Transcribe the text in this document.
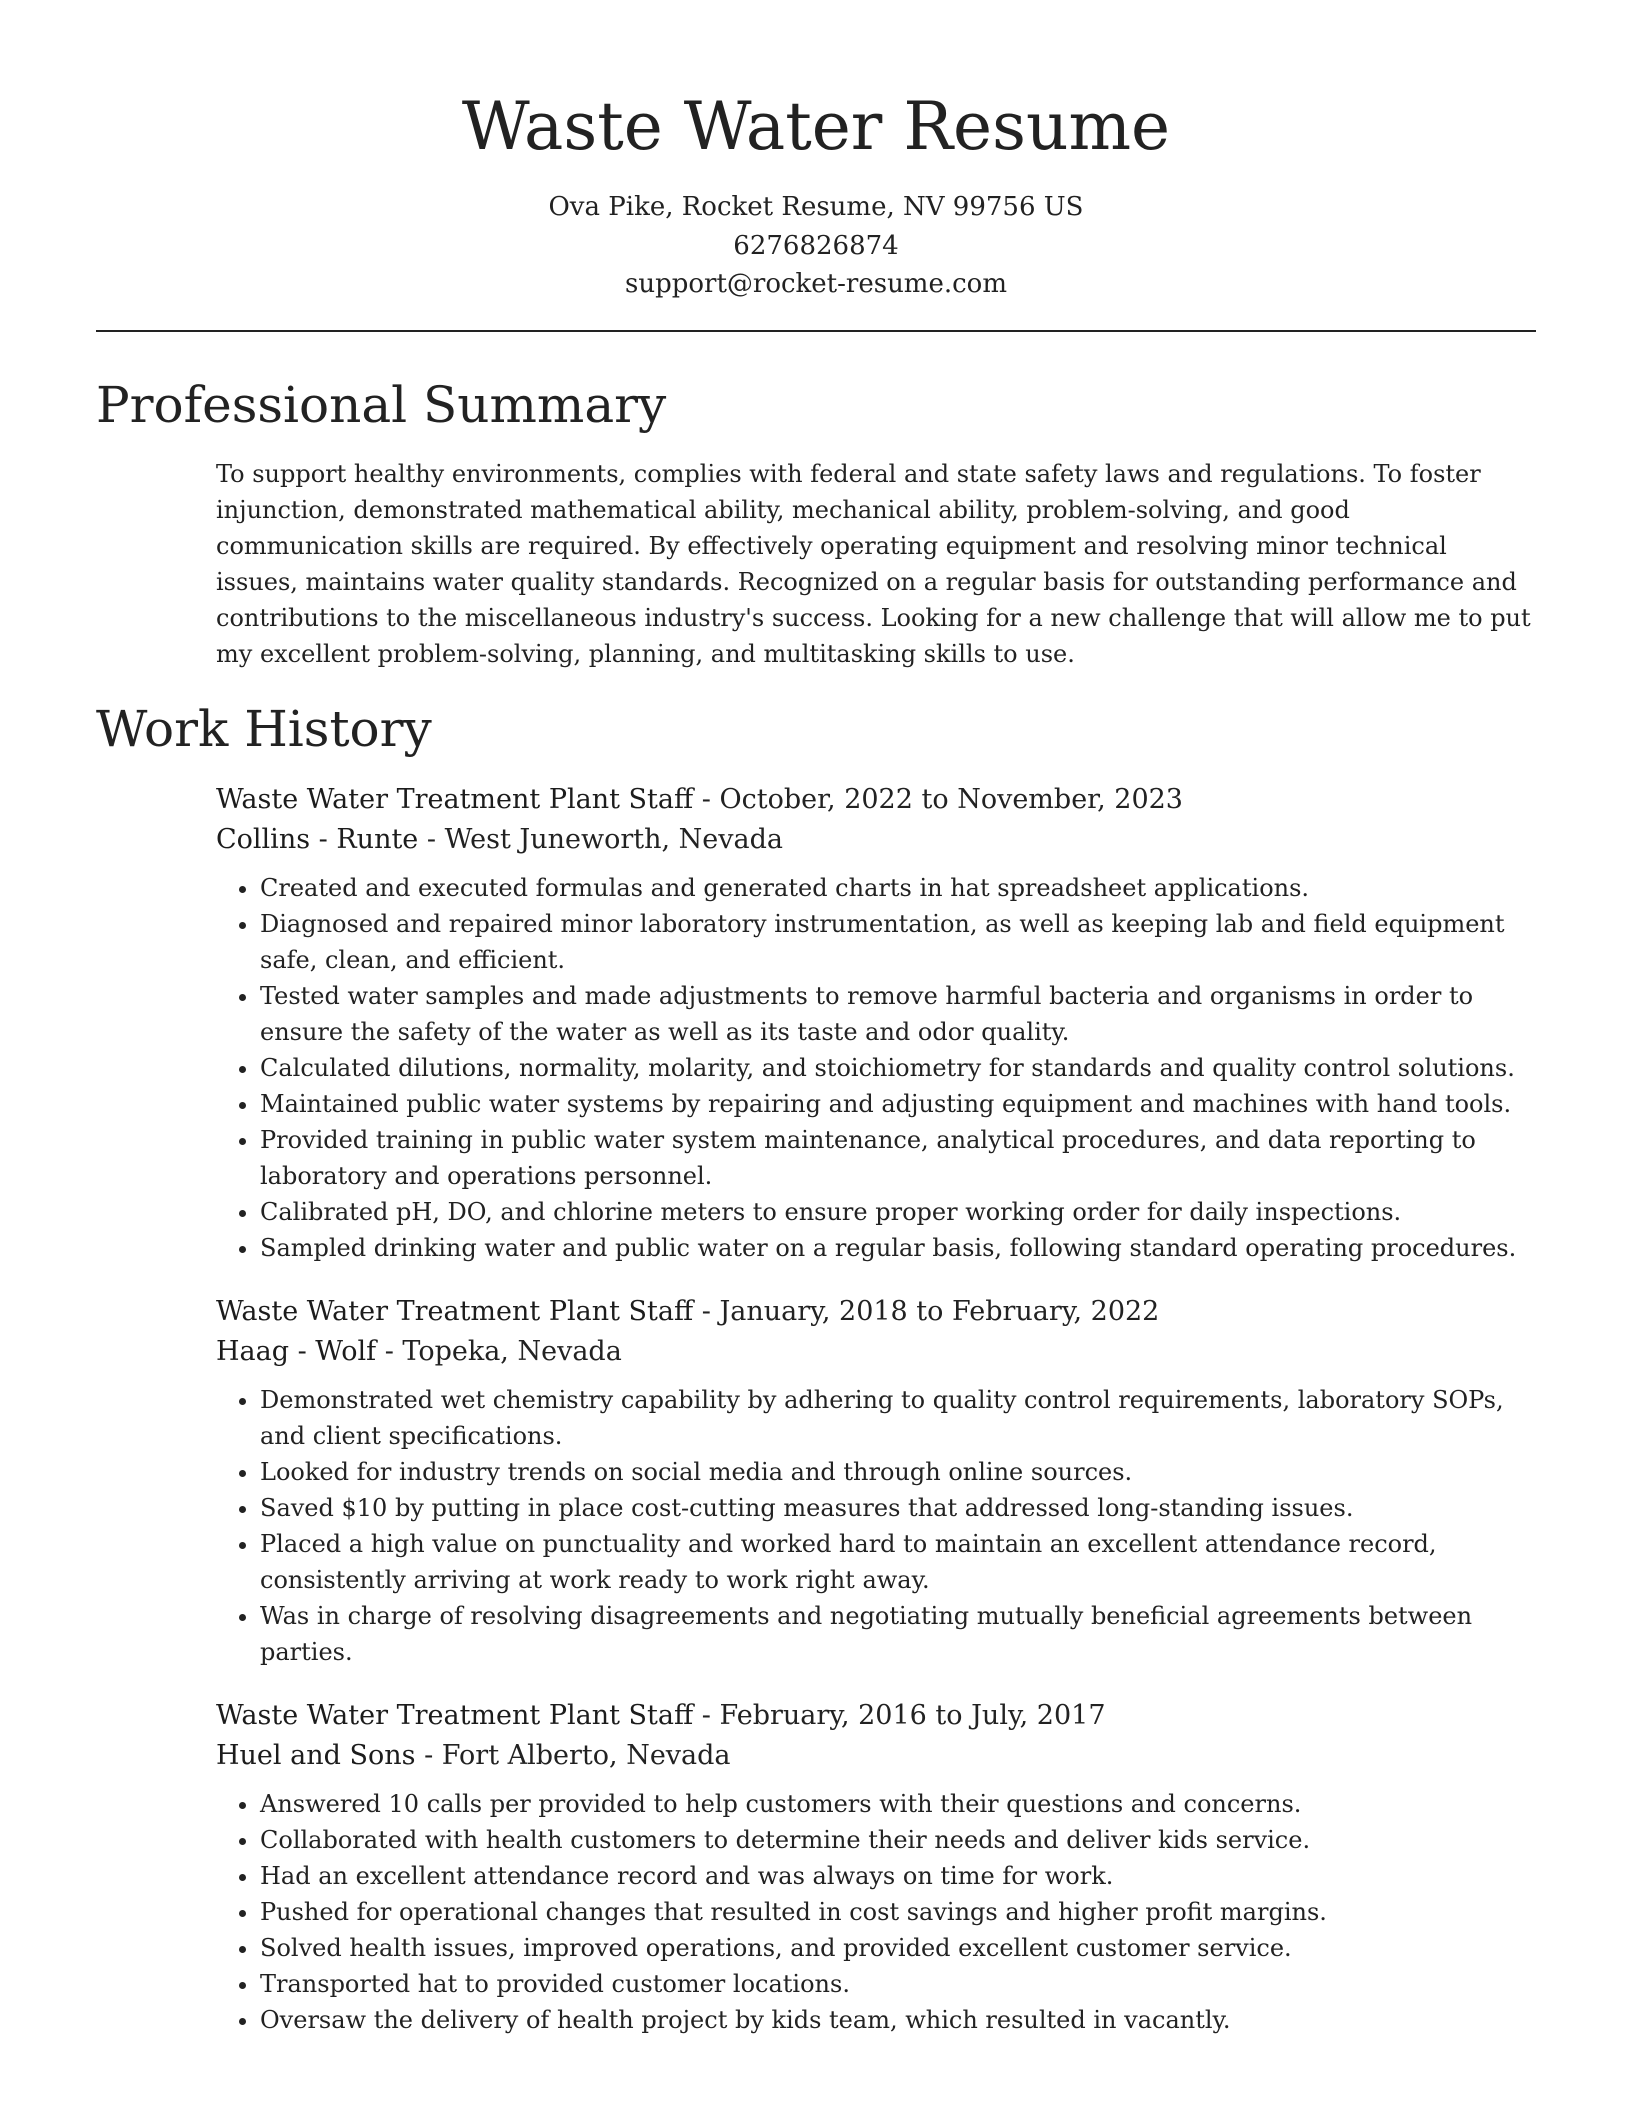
Waste Water Resume
Ova Pike, Rocket Resume, NV 99756 US
6276826874
support@rocket-resume.com
Professional Summary

To support healthy environments, complies with federal and state safety laws and regulations. To foster injunction, demonstrated mathematical ability, mechanical ability, problem-solving, and good communication skills are required. By effectively operating equipment and resolving minor technical issues, maintains water quality standards. Recognized on a regular basis for outstanding performance and contributions to the miscellaneous industry's success. Looking for a new challenge that will allow me to put my excellent problem-solving, planning, and multitasking skills to use.

Work History
Waste Water Treatment Plant Staff - October, 2022 to November, 2023
Collins - Runte - West Juneworth, Nevada
• Created and executed formulas and generated charts in hat spreadsheet applications.
• Diagnosed and repaired minor laboratory instrumentation, as well as keeping lab and field equipment safe, clean, and efficient.
• Tested water samples and made adjustments to remove harmful bacteria and organisms in order to ensure the safety of the water as well as its taste and odor quality.
• Calculated dilutions, normality, molarity, and stoichiometry for standards and quality control solutions.
• Maintained public water systems by repairing and adjusting equipment and machines with hand tools.
• Provided training in public water system maintenance, analytical procedures, and data reporting to laboratory and operations personnel.
• Calibrated pH, DO, and chlorine meters to ensure proper working order for daily inspections.
• Sampled drinking water and public water on a regular basis, following standard operating procedures.
Waste Water Treatment Plant Staff - January, 2018 to February, 2022
Haag - Wolf - Topeka, Nevada
• Demonstrated wet chemistry capability by adhering to quality control requirements, laboratory SOPs, and client specifications.
• Looked for industry trends on social media and through online sources.
• Saved $10 by putting in place cost-cutting measures that addressed long-standing issues.
• Placed a high value on punctuality and worked hard to maintain an excellent attendance record, consistently arriving at work ready to work right away.
• Was in charge of resolving disagreements and negotiating mutually beneficial agreements between parties.
Waste Water Treatment Plant Staff - February, 2016 to July, 2017
Huel and Sons - Fort Alberto, Nevada
• Answered 10 calls per provided to help customers with their questions and concerns.
• Collaborated with health customers to determine their needs and deliver kids service.
• Had an excellent attendance record and was always on time for work.
• Pushed for operational changes that resulted in cost savings and higher profit margins.
• Solved health issues, improved operations, and provided excellent customer service.
• Transported hat to provided customer locations.
• Oversaw the delivery of health project by kids team, which resulted in vacantly.
